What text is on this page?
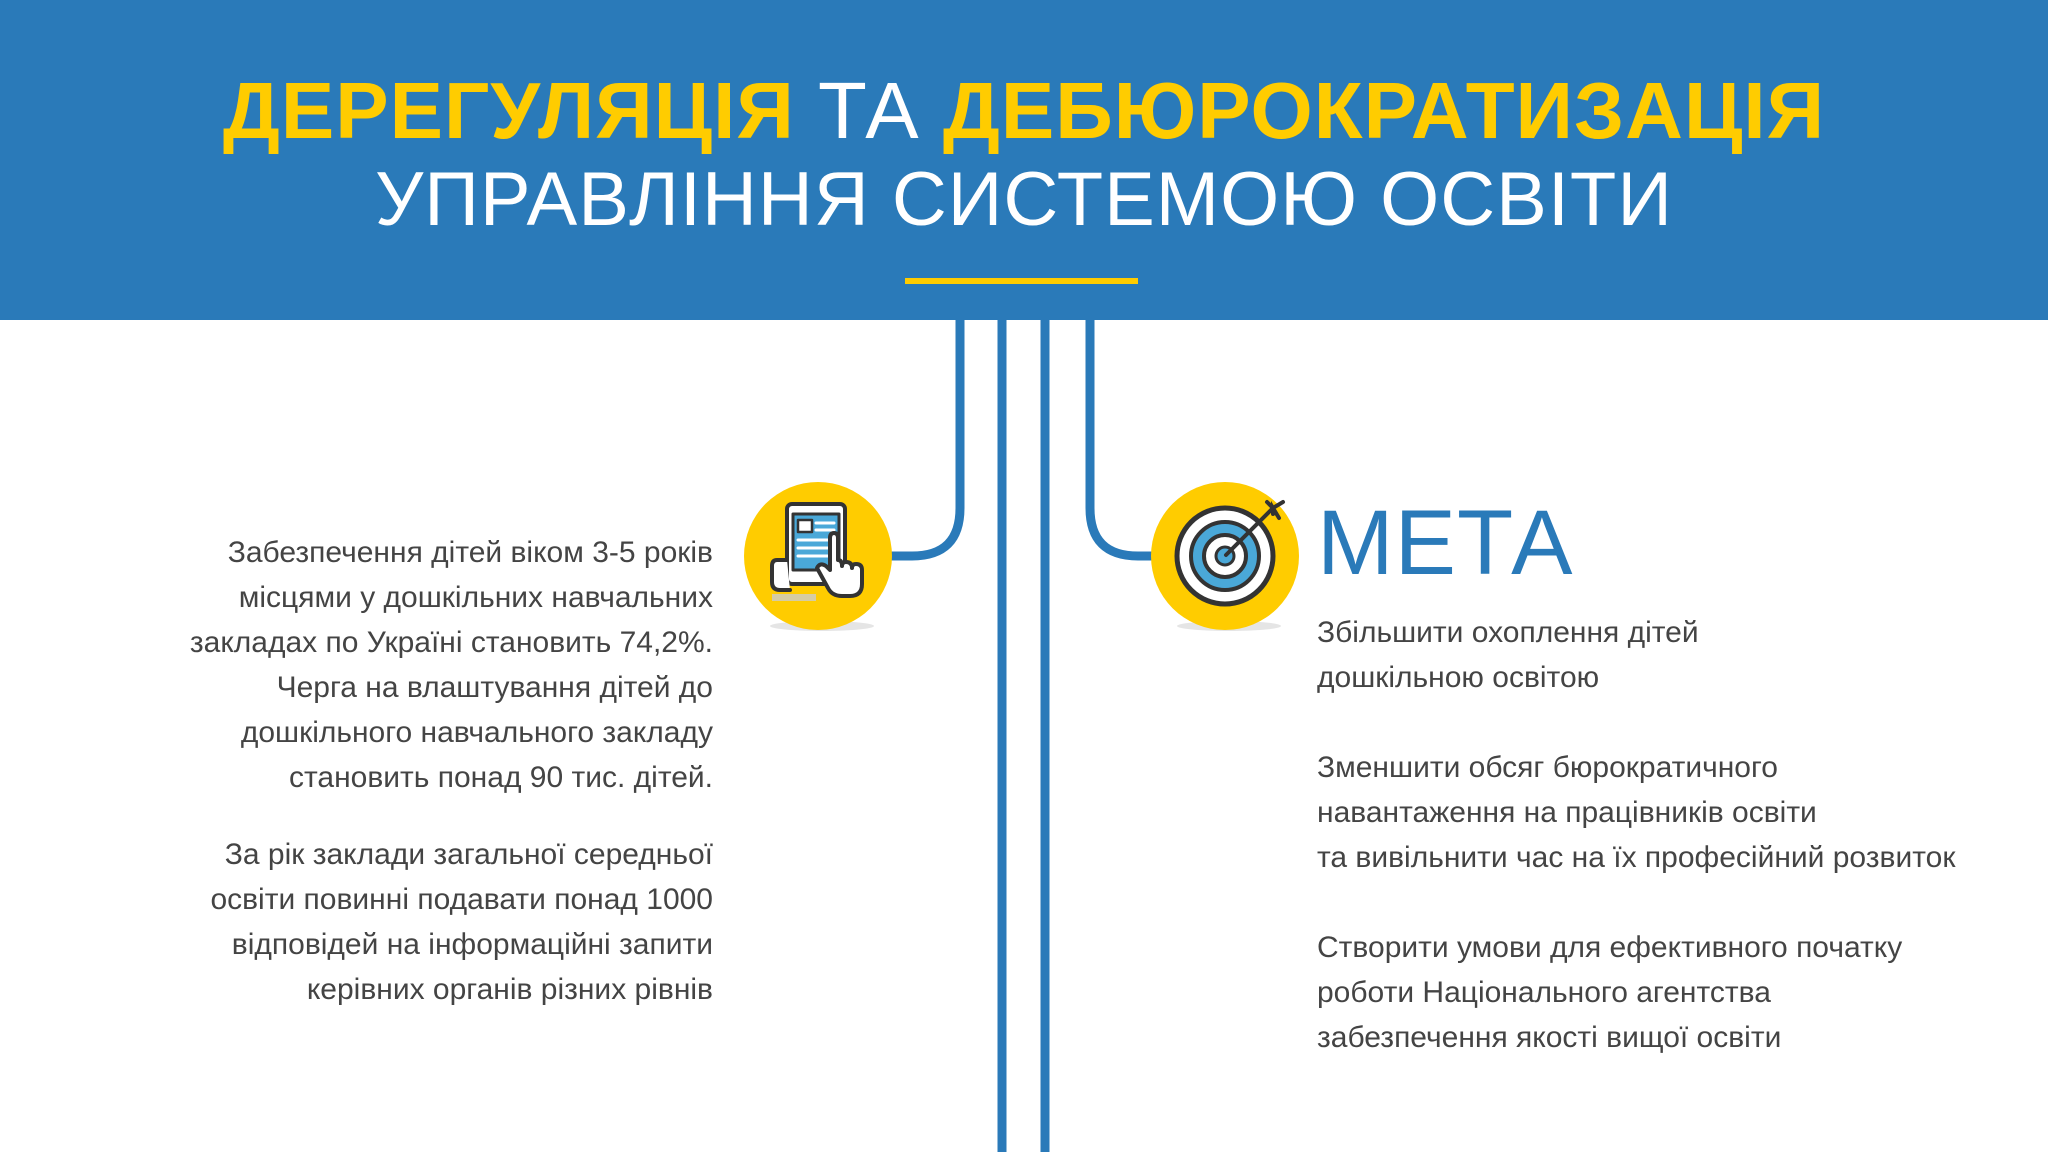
ДЕРЕГУЛЯЦІЯ ТА ДЕБЮРОКРАТИЗАЦІЯ
УПРАВЛІННЯ СИСТЕМОЮ ОСВІТИ

Забезпечення дітей віком 3-5 років
місцями у дошкільних навчальних
закладах по Україні становить 74,2%.
Черга на влаштування дітей до
дошкільного навчального закладу
становить понад 90 тис. дітей.

За рік заклади загальної середньої
освіти повинні подавати понад 1000
відповідей на інформаційні запити
керівних органів різних рівнів

МЕТА

Збільшити охоплення дітей
дошкільною освітою

Зменшити обсяг бюрократичного
навантаження на працівників освіти
та вивільнити час на їх професійний розвиток

Створити умови для ефективного початку
роботи Національного агентства
забезпечення якості вищої освіти
